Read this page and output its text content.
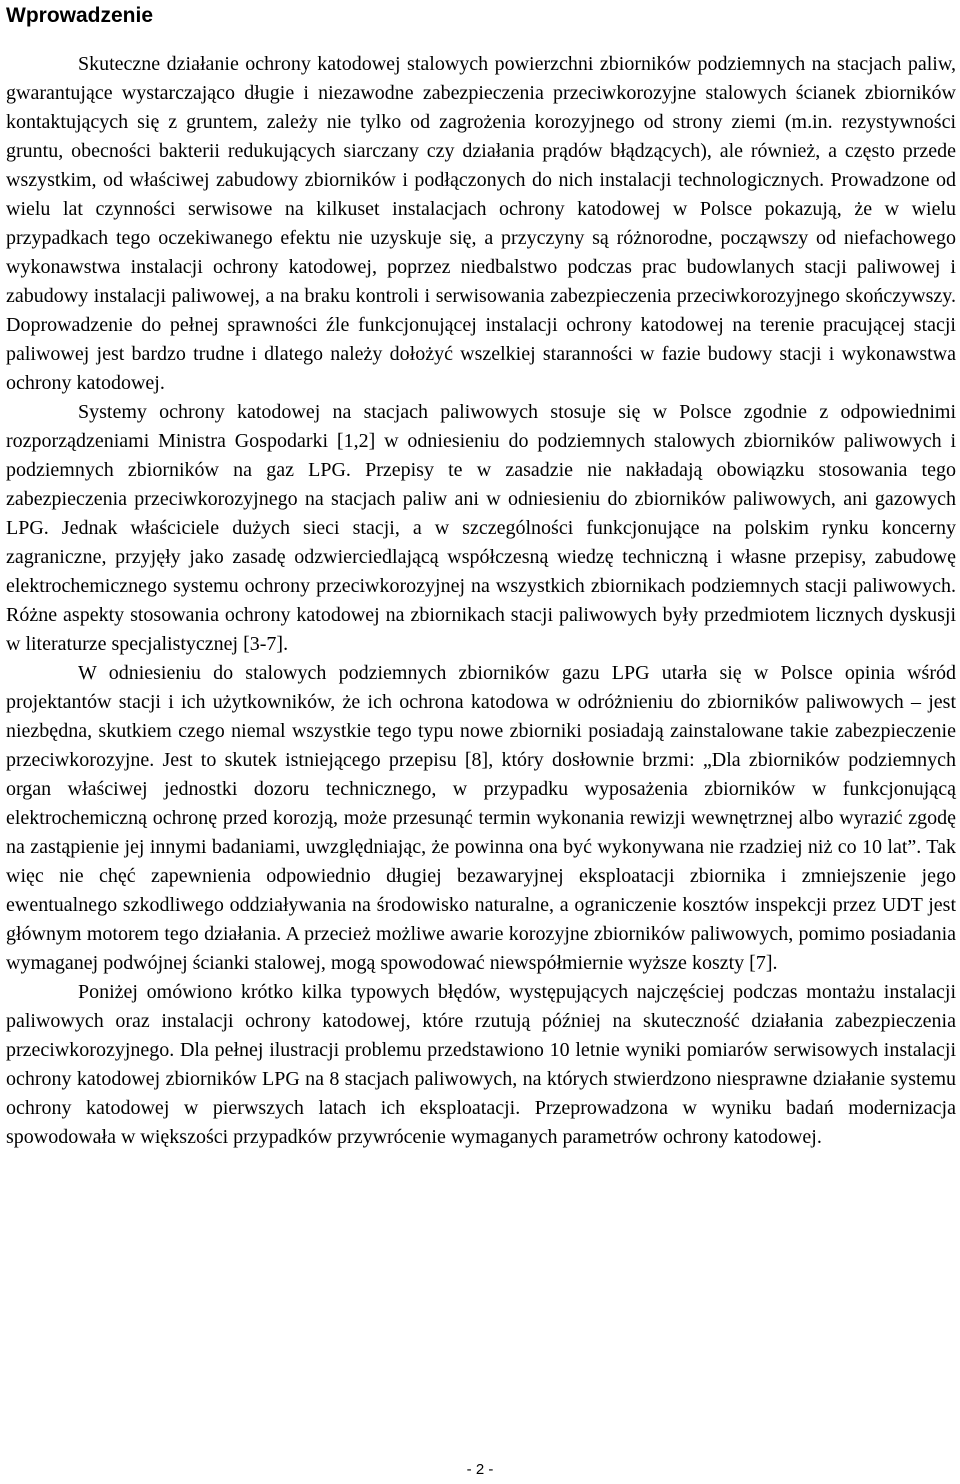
Wprowadzenie

Skuteczne działanie ochrony katodowej stalowych powierzchni zbiorników podziemnych na stacjach paliw, gwarantujące wystarczająco długie i niezawodne zabezpieczenia przeciwkorozyjne stalowych ścianek zbiorników kontaktujących się z gruntem, zależy nie tylko od zagrożenia korozyjnego od strony ziemi (m.in. rezystywności gruntu, obecności bakterii redukujących siarczany czy działania prądów błądzących), ale również, a często przede wszystkim, od właściwej zabudowy zbiorników i podłączonych do nich instalacji technologicznych. Prowadzone od wielu lat czynności serwisowe na kilkuset instalacjach ochrony katodowej w Polsce pokazują, że w wielu przypadkach tego oczekiwanego efektu nie uzyskuje się, a przyczyny są różnorodne, począwszy od niefachowego wykonawstwa instalacji ochrony katodowej, poprzez niedbalstwo podczas prac budowlanych stacji paliwowej i zabudowy instalacji paliwowej, a na braku kontroli i serwisowania zabezpieczenia przeciwkorozyjnego skończywszy. Doprowadzenie do pełnej sprawności źle funkcjonującej instalacji ochrony katodowej na terenie pracującej stacji paliwowej jest bardzo trudne i dlatego należy dołożyć wszelkiej staranności w fazie budowy stacji i wykonawstwa ochrony katodowej.

Systemy ochrony katodowej na stacjach paliwowych stosuje się w Polsce zgodnie z odpowiednimi rozporządzeniami Ministra Gospodarki [1,2] w odniesieniu do podziemnych stalowych zbiorników paliwowych i podziemnych zbiorników na gaz LPG. Przepisy te w zasadzie nie nakładają obowiązku stosowania tego zabezpieczenia przeciwkorozyjnego na stacjach paliw ani w odniesieniu do zbiorników paliwowych, ani gazowych LPG. Jednak właściciele dużych sieci stacji, a w szczególności funkcjonujące na polskim rynku koncerny zagraniczne, przyjęły jako zasadę odzwierciedlającą współczesną wiedzę techniczną i własne przepisy, zabudowę elektrochemicznego systemu ochrony przeciwkorozyjnej na wszystkich zbiornikach podziemnych stacji paliwowych. Różne aspekty stosowania ochrony katodowej na zbiornikach stacji paliwowych były przedmiotem licznych dyskusji w literaturze specjalistycznej [3-7].

W odniesieniu do stalowych podziemnych zbiorników gazu LPG utarła się w Polsce opinia wśród projektantów stacji i ich użytkowników, że ich ochrona katodowa w odróżnieniu do zbiorników paliwowych – jest niezbędna, skutkiem czego niemal wszystkie tego typu nowe zbiorniki posiadają zainstalowane takie zabezpieczenie przeciwkorozyjne. Jest to skutek istniejącego przepisu [8], który dosłownie brzmi: „Dla zbiorników podziemnych organ właściwej jednostki dozoru technicznego, w przypadku wyposażenia zbiorników w funkcjonującą elektrochemiczną ochronę przed korozją, może przesunąć termin wykonania rewizji wewnętrznej albo wyrazić zgodę na zastąpienie jej innymi badaniami, uwzględniając, że powinna ona być wykonywana nie rzadziej niż co 10 lat”. Tak więc nie chęć zapewnienia odpowiednio długiej bezawaryjnej eksploatacji zbiornika i zmniejszenie jego ewentualnego szkodliwego oddziaływania na środowisko naturalne, a ograniczenie kosztów inspekcji przez UDT jest głównym motorem tego działania. A przecież możliwe awarie korozyjne zbiorników paliwowych, pomimo posiadania wymaganej podwójnej ścianki stalowej, mogą spowodować niewspółmiernie wyższe koszty [7].

Poniżej omówiono krótko kilka typowych błędów, występujących najczęściej podczas montażu instalacji paliwowych oraz instalacji ochrony katodowej, które rzutują później na skuteczność działania zabezpieczenia przeciwkorozyjnego. Dla pełnej ilustracji problemu przedstawiono 10 letnie wyniki pomiarów serwisowych instalacji ochrony katodowej zbiorników LPG na 8 stacjach paliwowych, na których stwierdzono niesprawne działanie systemu ochrony katodowej w pierwszych latach ich eksploatacji. Przeprowadzona w wyniku badań modernizacja spowodowała w większości przypadków przywrócenie wymaganych parametrów ochrony katodowej.

- 2 -
